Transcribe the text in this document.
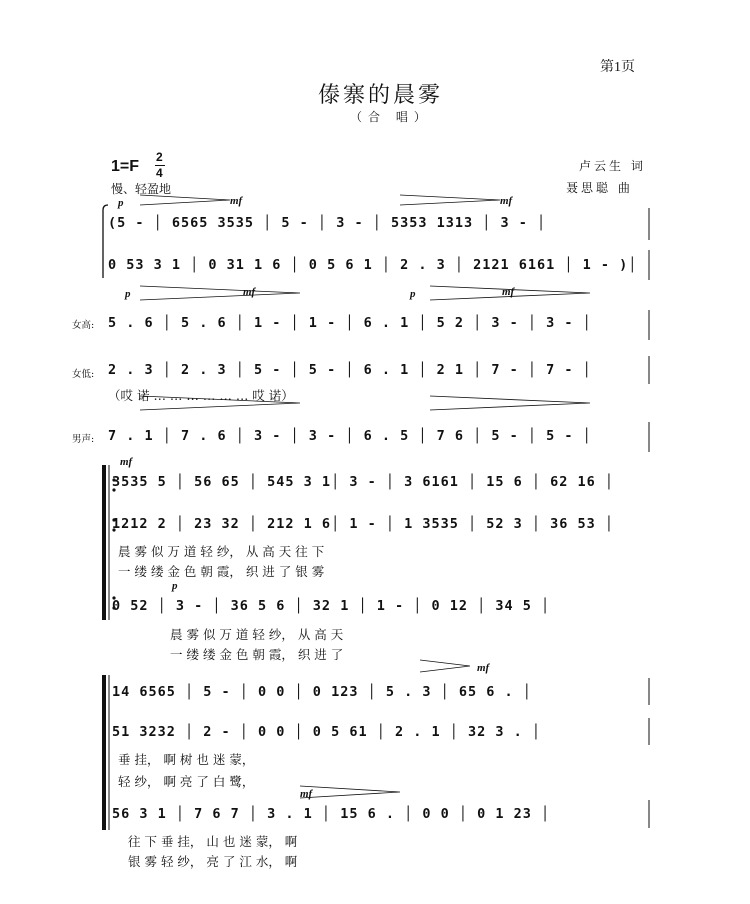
第1页
傣寨的晨雾
（合 唱）
1=F
2
4
慢、轻盈地
卢云生 词
聂思聪 曲
p	mf	mf
p	mf	p	mf
mf
p
mf
mf
(5 - │ 6565 3535 │ 5 - │ 3 - │ 5353 1313 │ 3 - │
0 53 3 1 │ 0 31 1 6 │ 0 5 6 1 │ 2 . 3 │ 2121 6161 │ 1 - )│
女高: 5 . 6 │ 5 . 6 │ 1 - │ 1 - │ 6 . 1 │ 5 2 │ 3 - │ 3 - │
女低: 2 . 3 │ 2 . 3 │ 5 - │ 5 - │ 6 . 1 │ 2 1 │ 7 - │ 7 - │
（哎 诺 … … … … … … 哎 诺）
男声: 7 . 1 │ 7 . 6 │ 3 - │ 3 - │ 6 . 5 │ 7 6 │ 5 - │ 5 - │
3535 5 │ 56 65 │ 545 3 1│ 3 - │ 3 6161 │ 15 6 │ 62 16 │
1212 2 │ 23 32 │ 212 1 6│ 1 - │ 1 3535 │ 52 3 │ 36 53 │
晨 雾 似 万 道 轻 纱， 从 高 天 往 下
一 缕 缕 金 色 朝 霞， 织 进 了 银 雾
0 52 │ 3 - │ 36 5 6 │ 32 1 │ 1 - │ 0 12 │ 34 5 │
晨 雾 似 万 道 轻 纱， 从 高 天
一 缕 缕 金 色 朝 霞， 织 进 了
14 6565 │ 5 - │ 0 0 │ 0 123 │ 5 . 3 │ 65 6 . │
51 3232 │ 2 - │ 0 0 │ 0 5 61 │ 2 . 1 │ 32 3 . │
垂 挂， 啊 树 也 迷 蒙，
轻 纱， 啊 亮 了 白 鹭，
56 3 1 │ 7 6 7 │ 3 . 1 │ 15 6 . │ 0 0 │ 0 1 23 │
往 下 垂 挂， 山 也 迷 蒙， 啊
银 雾 轻 纱， 亮 了 江 水， 啊
